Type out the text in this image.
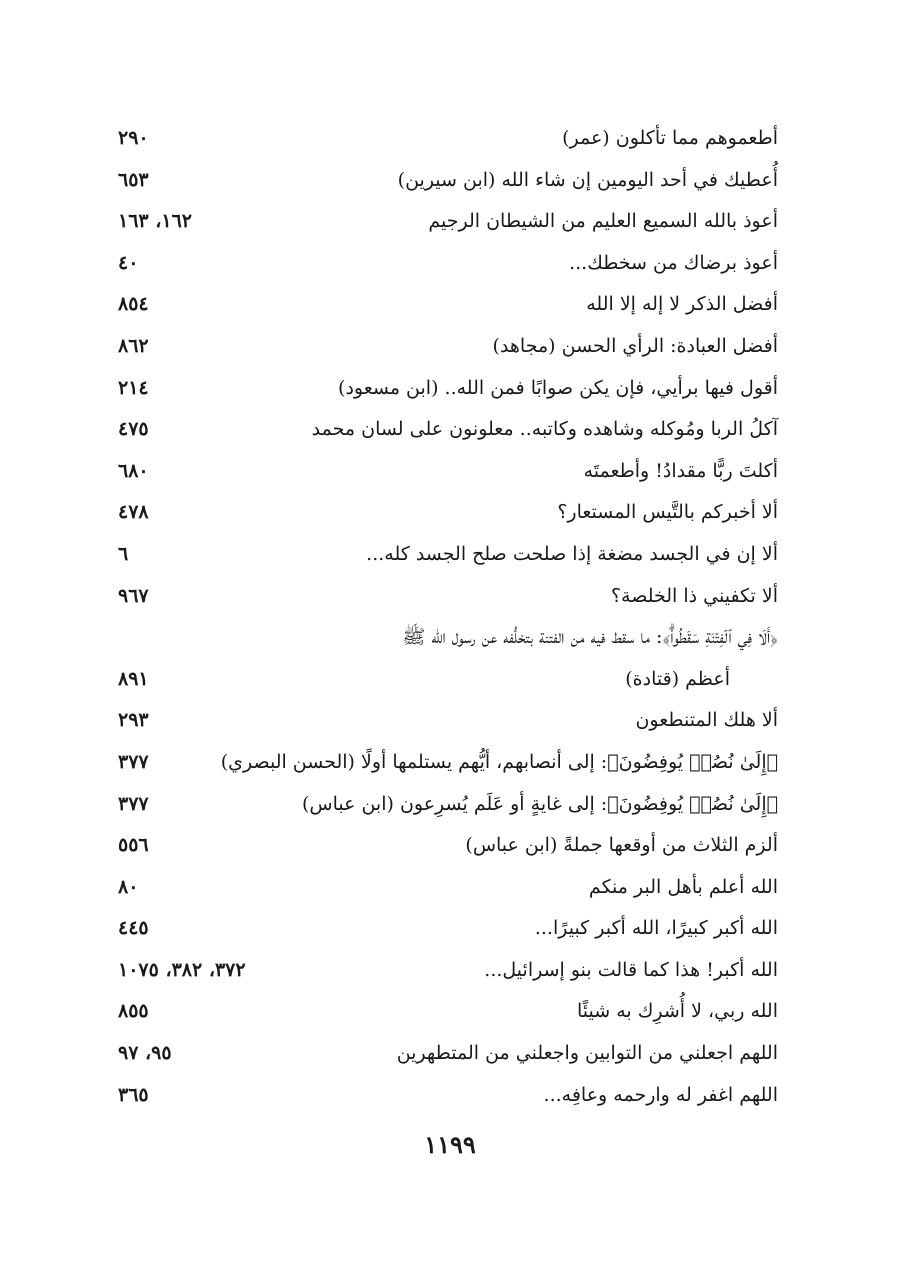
أطعموهم مما تأكلون (عمر)
٢٩٠
أُعطيك في أحد اليومين إن شاء الله (ابن سيرين)
٦٥٣
أعوذ بالله السميع العليم من الشيطان الرجيم
١٦٢، ١٦٣
أعوذ برضاك من سخطك...
٤٠
أفضل الذكر لا إله إلا الله
٨٥٤
أفضل العبادة: الرأي الحسن (مجاهد)
٨٦٢
أقول فيها برأيي، فإن يكن صوابًا فمن الله.. (ابن مسعود)
٢١٤
آكلُ الربا ومُوكله وشاهده وكاتبه.. معلونون على لسان محمد
٤٧٥
أكلتَ ربًّا مقدادُ! وأطعمتَه
٦٨٠
ألا أخبركم بالتَّيس المستعار؟
٤٧٨
ألا إن في الجسد مضغة إذا صلحت صلح الجسد كله...
٦
ألا تكفيني ذا الخلصة؟
٩٦٧
﴿أَلَا فِي ٱلۡفِتۡنَةِ سَقَطُواْۗ﴾: ما سقط فيه من الفتنة بتخلُّفه عن رسول الله ﷺ
أعظم (قتادة)
٨٩١
ألا هلك المتنطعون
٢٩٣
﴿إِلَىٰ نُصُبٖ يُوفِضُونَ﴾: إلى أنصابهم، أيُّهم يستلمها أولًا (الحسن البصري)
٣٧٧
﴿إِلَىٰ نُصُبٖ يُوفِضُونَ﴾: إلى غايةٍ أو عَلَم يُسرِعون (ابن عباس)
٣٧٧
ألزم الثلاث من أوقعها جملةً (ابن عباس)
٥٥٦
الله أعلم بأهل البر منكم
٨٠
الله أكبر كبيرًا، الله أكبر كبيرًا...
٤٤٥
الله أكبر! هذا كما قالت بنو إسرائيل...
٣٧٢، ٣٨٢، ١٠٧٥
الله ربي، لا أُشرِك به شيئًا
٨٥٥
اللهم اجعلني من التوابين واجعلني من المتطهرين
٩٥، ٩٧
اللهم اغفر له وارحمه وعافِه...
٣٦٥
١١٩٩
